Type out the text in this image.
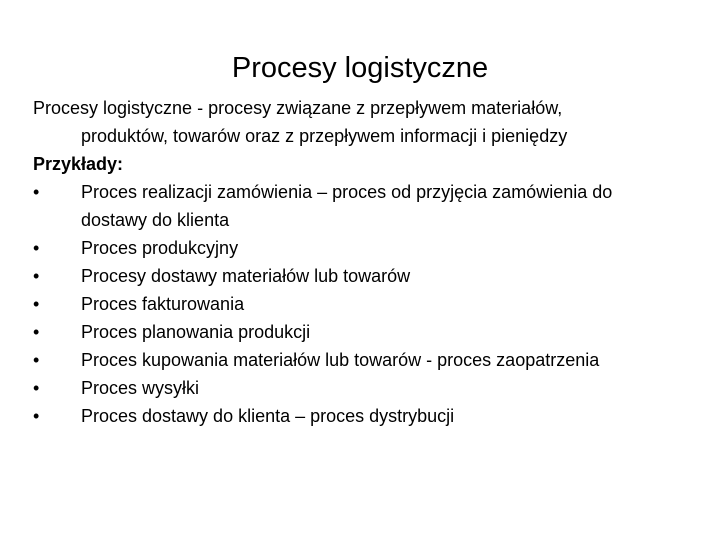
Procesy logistyczne
Procesy logistyczne - procesy związane z przepływem materiałów,
produktów, towarów oraz z przepływem informacji i pieniędzy
Przykłady:
• Proces realizacji zamówienia – proces od przyjęcia zamówienia do
dostawy do klienta
• Proces produkcyjny
• Procesy dostawy materiałów lub towarów
• Proces fakturowania
• Proces planowania produkcji
• Proces kupowania materiałów lub towarów - proces zaopatrzenia
• Proces wysyłki
• Proces dostawy do klienta – proces dystrybucji
